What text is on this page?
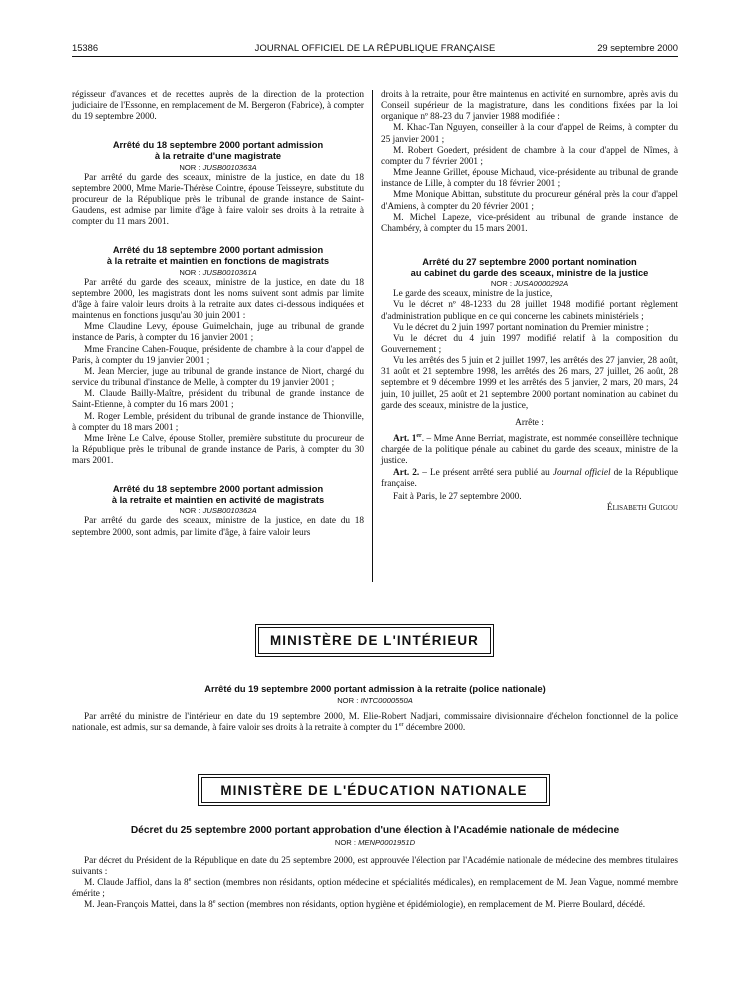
15386	JOURNAL OFFICIEL DE LA RÉPUBLIQUE FRANÇAISE	29 septembre 2000

régisseur d'avances et de recettes auprès de la direction de la protection judiciaire de l'Essonne, en remplacement de M. Bergeron (Fabrice), à compter du 19 septembre 2000.

Arrêté du 18 septembre 2000 portant admission

à la retraite d'une magistrate

NOR : JUSB0010363A

Par arrêté du garde des sceaux, ministre de la justice, en date du 18 septembre 2000, Mme Marie-Thérèse Cointre, épouse Teisseyre, substitute du procureur de la République près le tribunal de grande instance de Saint-Gaudens, est admise par limite d'âge à faire valoir ses droits à la retraite à compter du 11 mars 2001.

Arrêté du 18 septembre 2000 portant admission

à la retraite et maintien en fonctions de magistrats

NOR : JUSB0010361A

Par arrêté du garde des sceaux, ministre de la justice, en date du 18 septembre 2000, les magistrats dont les noms suivent sont admis par limite d'âge à faire valoir leurs droits à la retraite aux dates ci-dessous indiquées et maintenus en fonctions jusqu'au 30 juin 2001 :

Mme Claudine Levy, épouse Guimelchain, juge au tribunal de grande instance de Paris, à compter du 16 janvier 2001 ;

Mme Francine Cahen-Fouque, présidente de chambre à la cour d'appel de Paris, à compter du 19 janvier 2001 ;

M. Jean Mercier, juge au tribunal de grande instance de Niort, chargé du service du tribunal d'instance de Melle, à compter du 19 janvier 2001 ;

M. Claude Bailly-Maître, président du tribunal de grande instance de Saint-Etienne, à compter du 16 mars 2001 ;

M. Roger Lemble, président du tribunal de grande instance de Thionville, à compter du 18 mars 2001 ;

Mme Irène Le Calve, épouse Stoller, première substitute du procureur de la République près le tribunal de grande instance de Paris, à compter du 30 mars 2001.

Arrêté du 18 septembre 2000 portant admission

à la retraite et maintien en activité de magistrats

NOR : JUSB0010362A

Par arrêté du garde des sceaux, ministre de la justice, en date du 18 septembre 2000, sont admis, par limite d'âge, à faire valoir leurs

droits à la retraite, pour être maintenus en activité en surnombre, après avis du Conseil supérieur de la magistrature, dans les conditions fixées par la loi organique nº 88-23 du 7 janvier 1988 modifiée :

M. Khac-Tan Nguyen, conseiller à la cour d'appel de Reims, à compter du 25 janvier 2001 ;

M. Robert Goedert, président de chambre à la cour d'appel de Nîmes, à compter du 7 février 2001 ;

Mme Jeanne Grillet, épouse Michaud, vice-présidente au tribunal de grande instance de Lille, à compter du 18 février 2001 ;

Mme Monique Abittan, substitute du procureur général près la cour d'appel d'Amiens, à compter du 20 février 2001 ;

M. Michel Lapeze, vice-président au tribunal de grande instance de Chambéry, à compter du 15 mars 2001.

Arrêté du 27 septembre 2000 portant nomination

au cabinet du garde des sceaux, ministre de la justice

NOR : JUSA0000292A

Le garde des sceaux, ministre de la justice,

Vu le décret nº 48-1233 du 28 juillet 1948 modifié portant règlement d'administration publique en ce qui concerne les cabinets ministériels ;

Vu le décret du 2 juin 1997 portant nomination du Premier ministre ;

Vu le décret du 4 juin 1997 modifié relatif à la composition du Gouvernement ;

Vu les arrêtés des 5 juin et 2 juillet 1997, les arrêtés des 27 janvier, 28 août, 31 août et 21 septembre 1998, les arrêtés des 26 mars, 27 juillet, 26 août, 28 septembre et 9 décembre 1999 et les arrêtés des 5 janvier, 2 mars, 20 mars, 24 juin, 10 juillet, 25 août et 21 septembre 2000 portant nomination au cabinet du garde des sceaux, ministre de la justice,

Arrête :

Art. 1er. – Mme Anne Berriat, magistrate, est nommée conseillère technique chargée de la politique pénale au cabinet du garde des sceaux, ministre de la justice.

Art. 2. – Le présent arrêté sera publié au Journal officiel de la République française.

Fait à Paris, le 27 septembre 2000.

Élisabeth Guigou

MINISTÈRE DE L'INTÉRIEUR

Arrêté du 19 septembre 2000 portant admission à la retraite (police nationale)

NOR : INTC0000550A

Par arrêté du ministre de l'intérieur en date du 19 septembre 2000, M. Elie-Robert Nadjari, commissaire divisionnaire d'échelon fonctionnel de la police nationale, est admis, sur sa demande, à faire valoir ses droits à la retraite à compter du 1er décembre 2000.

MINISTÈRE DE L'ÉDUCATION NATIONALE

Décret du 25 septembre 2000 portant approbation d'une élection à l'Académie nationale de médecine

NOR : MENP0001951D

Par décret du Président de la République en date du 25 septembre 2000, est approuvée l'élection par l'Académie nationale de médecine des membres titulaires suivants :

M. Claude Jaffiol, dans la 8e section (membres non résidants, option médecine et spécialités médicales), en remplacement de M. Jean Vague, nommé membre émérite ;

M. Jean-François Mattei, dans la 8e section (membres non résidants, option hygiène et épidémiologie), en remplacement de M. Pierre Boulard, décédé.
